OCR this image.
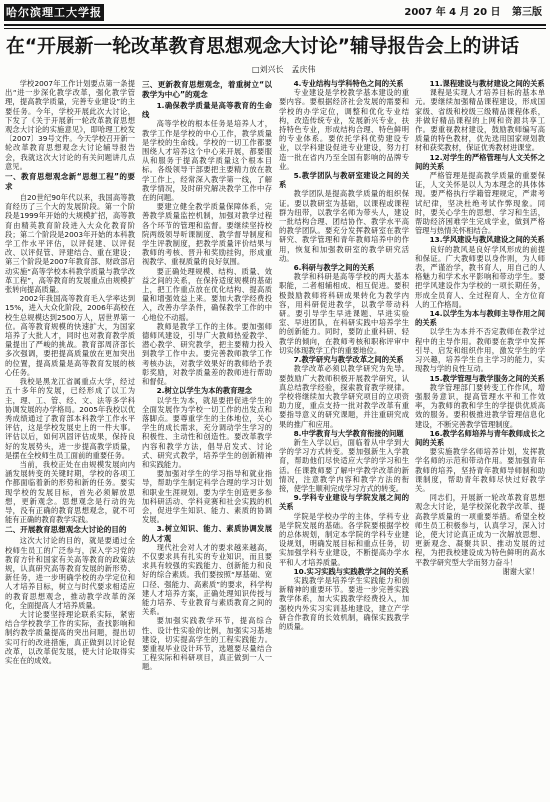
哈尔滨理工大学报	2007 年 4 月 20 日 第三版
在“开展新一轮改革教育思想观念大讨论”辅导报告会上的讲话
□刘兴长　孟庆伟

学校2007年工作计划要点第一条提出“进一步深化教学改革，强化教学管理，提高教学质量，完善专业建设”的主要任务。今年，学校开展此次大讨论，下发了《关于开展新一轮改革教育思想观念大讨论的实施意见》，即哈理工校发〔2007〕39号文件。今天学校召开新一轮改革教育思想观念大讨论辅导报告会，我就这次大讨论的有关问题讲几点意见。

一、教育思想观念新“思想工程”的要求

自20世纪90年代以来，我国高等教育经历了三个大的发展阶段。第一个阶段是1999年开始的大规模扩招，高等教育由精英教育阶段进入大众化教育阶段；第二个阶段是2003年开始的本科教学工作水平评估，以评促建、以评促改、以评促管、评建结合、重在建设；第三个阶段是2007年教育部、财政部启动实施“高等学校本科教学质量与教学改革工程”，高等教育的发展重点由规模扩张转向提高质量。

2002年我国高等教育毛入学率达到15%，进入大众化阶段，2006年高校在校生总规模达到2500万人，居世界第一位。高等教育规模的快速扩大，为国家培养了大批人才，同时也对教育教学质量提出了严峻的挑战。教育部周济部长多次强调，要把提高质量放在更加突出的位置，提高质量是高等教育发展的核心任务。

我校是黑龙江省属重点大学，经过五十多年的发展，已经形成了以工为主，理、工、管、经、文、法等多学科协调发展的办学格局。2005年我校以优秀成绩通过了教育部本科教学工作水平评估，这是学校发展史上的一件大事。评估以后，如何巩固评估成果，保持良好的发展势头，进一步提高教学质量，是摆在全校师生员工面前的重要任务。

当前，我校正处在由规模发展向内涵发展转变的关键时期，学校的各项工作都面临着新的形势和新的任务。要实现学校的发展目标，首先必须解放思想，更新观念。思想观念是行动的先导，没有正确的教育思想观念，就不可能有正确的教育教学实践。

二、开展教育思想观念大讨论的目的

这次大讨论的目的，就是要通过全校师生员工的广泛参与，深入学习党的教育方针和国家有关高等教育的政策法规，认真研究高等教育发展的新形势、新任务，进一步明确学校的办学定位和人才培养目标，树立与时代要求相适应的教育思想观念，推动教学改革的深化，全面提高人才培养质量。

大讨论要坚持理论联系实际，紧密结合学校教学工作的实际，查找影响和制约教学质量提高的突出问题，提出切实可行的改进措施，真正做到以讨论促改革，以改革促发展，使大讨论取得实实在在的成效。

三、更新教育思想观念，着重树立“以教学为中心”的观念

1.确保教学质量是高等教育的生命线

高等学校的根本任务是培养人才，教学工作是学校的中心工作，教学质量是学校的生命线。学校的一切工作都要围绕人才培养这个中心来开展，都要服从和服务于提高教学质量这个根本目标。各级领导干部要把主要精力放在教学工作上，经常深入教学第一线，了解教学情况，及时研究解决教学工作中存在的问题。

要建立健全教学质量保障体系，完善教学质量监控机制，加强对教学过程各个环节的管理和监督。要继续坚持校院两级领导听课制度、教学督导制度和学生评教制度，把教学质量评价结果与教师的考核、晋升和奖励挂钩，形成重视教学、重视质量的良好氛围。

要正确处理规模、结构、质量、效益之间的关系，在保持适度规模的基础上，把工作重点放在优化结构、提高质量和增强效益上来。要加大教学经费投入，改善办学条件，确保教学工作的中心地位不动摇。

教师是教学工作的主体。要加强师德师风建设，引导广大教师热爱教学、潜心教学、研究教学，把主要精力投入到教学工作中去。要完善教师教学工作考核办法，对教学效果好的教师给予表彰奖励，对教学质量差的教师进行帮助和督促。

2.树立以学生为本的教育理念

以学生为本，就是要把促进学生的全面发展作为学校一切工作的出发点和落脚点。要尊重学生的主体地位，关心学生的成长需求，充分调动学生学习的积极性、主动性和创造性。要改革教学内容和教学方法，倡导启发式、讨论式、研究式教学，培养学生的创新精神和实践能力。

要加强对学生的学习指导和就业指导，帮助学生制定科学合理的学习计划和职业生涯规划。要为学生创造更多参加科研活动、学科竞赛和社会实践的机会，促进学生知识、能力、素质的协调发展。

3.树立知识、能力、素质协调发展的人才观

现代社会对人才的要求越来越高，不仅要求具有扎实的专业知识，而且要求具有较强的实践能力、创新能力和良好的综合素质。我们要按照“厚基础、宽口径、强能力、高素质”的要求，科学构建人才培养方案，正确处理知识传授与能力培养、专业教育与素质教育之间的关系。

要加强实践教学环节，提高综合性、设计性实验的比例，加强实习基地建设，切实提高学生的工程实践能力。要重视毕业设计环节，选题要尽量结合工程实际和科研项目，真正做到一人一题。

4.专业结构与学科特色之间的关系

专业建设是学校教学基本建设的重要内容。要根据经济社会发展的需要和学校的办学定位，调整和优化专业结构，改造传统专业，发展新兴专业，扶持特色专业，形成结构合理、特色鲜明的专业体系。要依托学科优势建设专业，以学科建设促进专业建设，努力打造一批在省内乃至全国有影响的品牌专业。

5.教学团队与教研室建设之间的关系

教学团队是提高教学质量的组织保证。要以教研室为基础，以课程或课程群为纽带，以教学名师为带头人，建设一批结构合理、团结协作、教学水平高的教学团队。要充分发挥教研室在教学研究、教学管理和青年教师培养中的作用，恢复和加强教研室的教学研究活动。

6.科研与教学之间的关系

教学和科研是高等学校的两大基本职能，二者相辅相成、相互促进。要积极鼓励教师将科研成果转化为教学内容，用科研促进教学，以教学带动科研。要引导学生早进课题、早进实验室、早进团队，在科研实践中培养学生的创新能力。同时，要防止重科研、轻教学的倾向，在教师考核和职称评审中切实体现教学工作的重要地位。

7.教学研究与教学改革之间的关系

教学改革必须以教学研究为先导。要鼓励广大教师积极开展教学研究，认真总结教学经验，探索教育教学规律。学校将继续加大教学研究项目的立项资助力度，重点支持一批对教学改革有重要指导意义的研究课题，并注重研究成果的推广和应用。

8.中学教育与大学教育衔接的问题

新生入学以后，面临着从中学到大学的学习方式转变。要加强新生入学教育，帮助他们尽快适应大学的学习和生活。任课教师要了解中学教学改革的新情况，注意教学内容和教学方法的衔接，使学生顺利完成学习方式的转变。

9.学科专业建设与学院发展之间的关系

学院是学校办学的主体，学科专业是学院发展的基础。各学院要根据学校的总体规划，制定本学院的学科专业建设规划，明确发展目标和重点任务，切实加强学科专业建设，不断提高办学水平和人才培养质量。

10.实习实践与实践教学之间的关系

实践教学是培养学生实践能力和创新精神的重要环节。要进一步完善实践教学体系，加大实践教学经费投入，加强校内外实习实训基地建设，建立产学研合作教育的长效机制，确保实践教学的质量。

11.课程建设与教材建设之间的关系

课程是实现人才培养目标的基本单元。要继续加强精品课程建设，形成国家级、省级和校级三级精品课程体系，并做好精品课程的上网和资源共享工作。要重视教材建设，鼓励教师编写高质量的特色教材，优先选用国家规划教材和获奖教材，保证优秀教材进课堂。

12.对学生的严格管理与人文关怀之间的关系

严格管理是提高教学质量的重要保证，人文关怀是以人为本理念的具体体现。要严格执行学籍管理规定，严肃考试纪律，坚决杜绝考试作弊现象。同时，要关心学生的思想、学习和生活，帮助经济困难学生完成学业，做到严格管理与热情关怀相结合。

13.学风建设与教风建设之间的关系

良好的教风是良好学风形成的前提和保证。广大教师要以身作则，为人师表，严谨治学，教书育人，用自己的人格魅力和学术水平影响和带动学生。要把学风建设作为学校的一项长期任务，形成全员育人、全过程育人、全方位育人的工作格局。

14.以学生为本与教师主导作用之间的关系

以学生为本并不否定教师在教学过程中的主导作用。教师要在教学中发挥引导、启发和组织作用，激发学生的学习兴趣，培养学生自主学习的能力，实现教与学的良性互动。

15.教学管理与教学服务之间的关系

教学管理部门要转变工作作风，增强服务意识，提高管理水平和工作效率，为教师的教和学生的学提供优质高效的服务。要积极推进教学管理信息化建设，不断完善教学管理制度。

16.教学名师培养与青年教师成长之间的关系

要实施教学名师培养计划，发挥教学名师的示范和带动作用。要加强青年教师的培养，坚持青年教师导师制和助课制度，帮助青年教师尽快过好教学关。

同志们，开展新一轮改革教育思想观念大讨论，是学校深化教学改革、提高教学质量的一项重要举措。希望全校师生员工积极参与，认真学习，深入讨论，使大讨论真正成为一次解放思想、更新观念、凝聚共识、推动发展的过程，为把我校建设成为特色鲜明的高水平教学研究型大学而努力奋斗！

谢谢大家！
